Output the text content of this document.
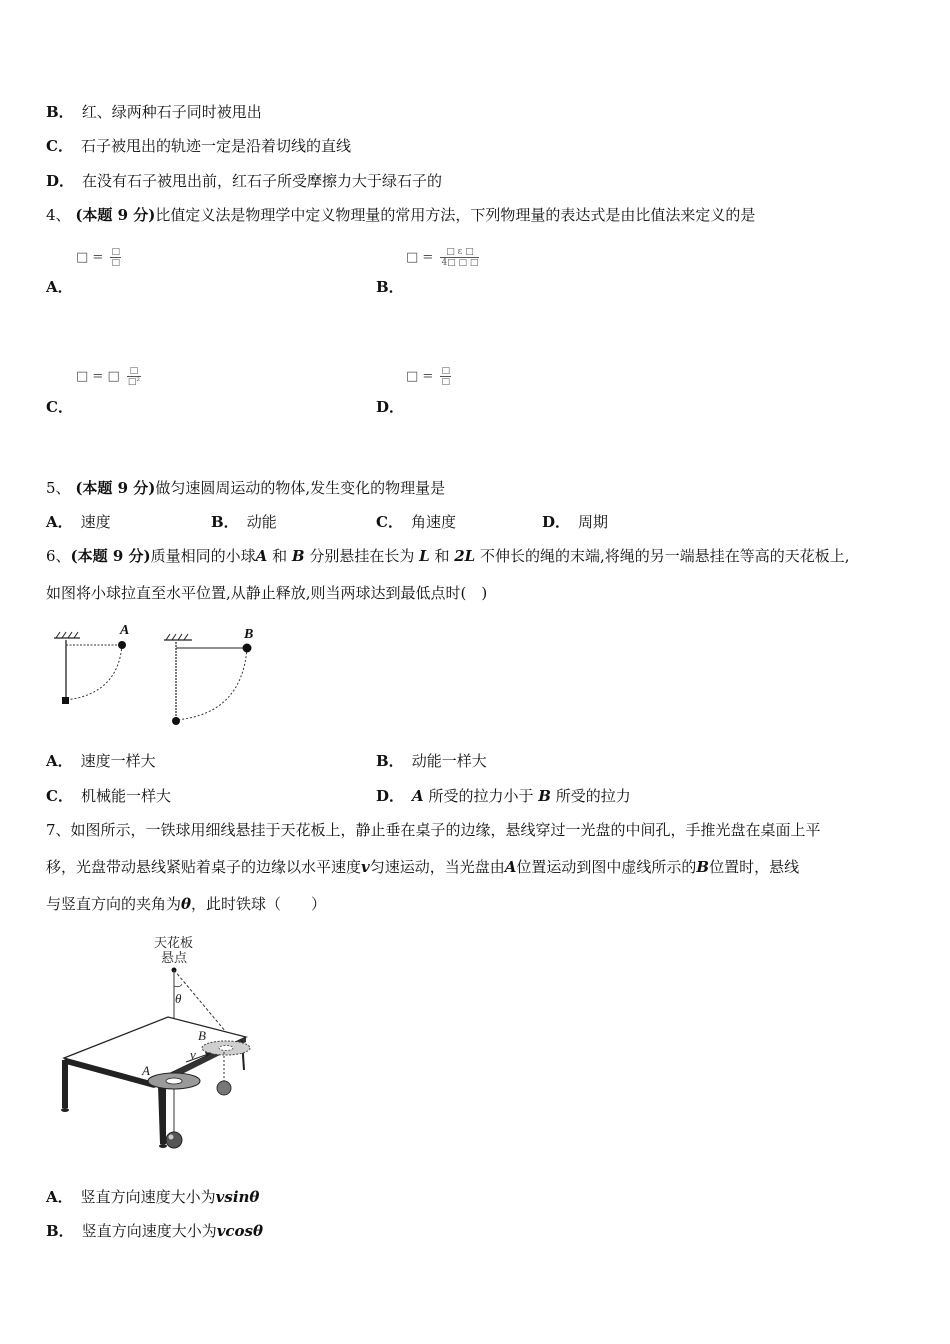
B． 红、绿两种石子同时被甩出
C． 石子被甩出的轨迹一定是沿着切线的直线
D． 在没有石子被甩出前，红石子所受摩擦力大于绿石子的
4、 (本题 9 分)比值定义法是物理学中定义物理量的常用方法，下列物理量的表达式是由比值法来定义的是
□ = $\frac{□}{□}$
A．
□ = $\frac{\text{□ ɛ □}}{4□ □ □}$
B．
□ = □ $\frac{□}{\text{□²}}$
C．
□ = $\frac{□}{□}$
D．
5、 (本题 9 分)做匀速圆周运动的物体,发生变化的物理量是
A． 速度	B． 动能	C． 角速度	D． 周期
6、(本题 9 分)质量相同的小球A 和 B 分别悬挂在长为 L 和 2L 不伸长的绳的末端,将绳的另一端悬挂在等高的天花板上,
如图将小球拉直至水平位置,从静止释放,则当两球达到最低点时(　)
A	B
A． 速度一样大	B． 动能一样大
C． 机械能一样大	D． A 所受的拉力小于 B 所受的拉力
7、如图所示，一铁球用细线悬挂于天花板上，静止垂在桌子的边缘，悬线穿过一光盘的中间孔，手推光盘在桌面上平
移，光盘带动悬线紧贴着桌子的边缘以水平速度v匀速运动，当光盘由A位置运动到图中虚线所示的B位置时，悬线
与竖直方向的夹角为θ，此时铁球（　　）
天花板
悬点
θ
A
B
v
A． 竖直方向速度大小为vsinθ
B． 竖直方向速度大小为vcosθ
